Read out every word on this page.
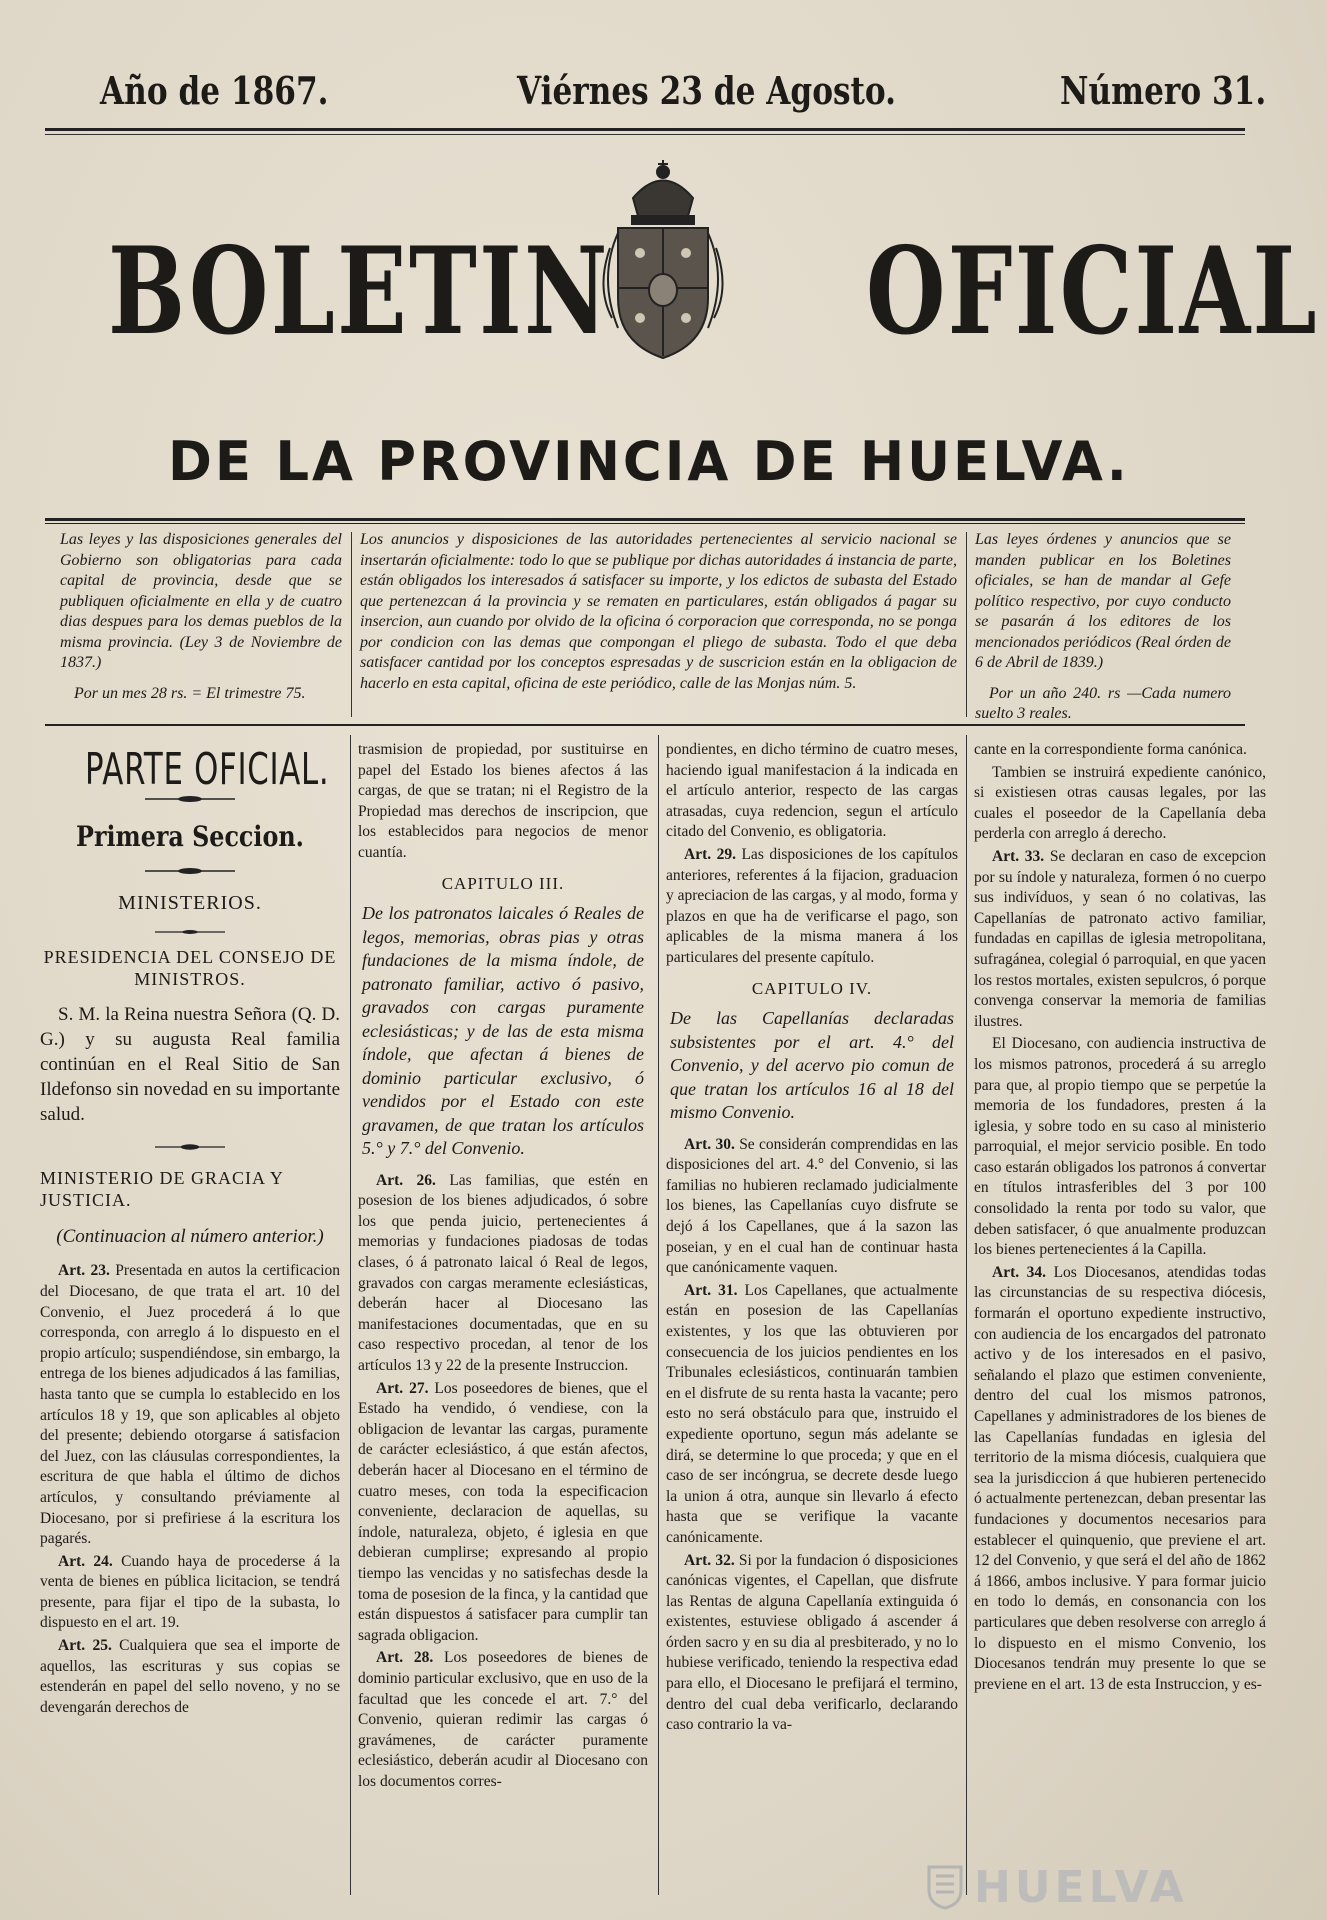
Año de 1867.	Viérnes 23 de Agosto.	Número 31.
BOLETIN OFICIAL
DE LA PROVINCIA DE HUELVA.
Las leyes y las disposiciones generales del Gobierno son obligatorias para cada capital de provincia, desde que se publiquen oficialmente en ella y de cuatro dias despues para los demas pueblos de la misma provincia. (Ley 3 de Noviembre de 1837.)
Por un mes 28 rs. = El trimestre 75.
Los anuncios y disposiciones de las autoridades pertenecientes al servicio nacional se insertarán oficialmente: todo lo que se publique por dichas autoridades á instancia de parte, están obligados los interesados á satisfacer su importe, y los edictos de subasta del Estado que pertenezcan á la provincia y se rematen en particulares, están obligados á pagar su insercion, aun cuando por olvido de la oficina ó corporacion que corresponda, no se ponga por condicion con las demas que compongan el pliego de subasta. Todo el que deba satisfacer cantidad por los conceptos espresadas y de suscricion están en la obligacion de hacerlo en esta capital, oficina de este periódico, calle de las Monjas núm. 5.
Las leyes órdenes y anuncios que se manden publicar en los Boletines oficiales, se han de mandar al Gefe político respectivo, por cuyo conducto se pasarán á los editores de los mencionados periódicos (Real órden de 6 de Abril de 1839.)
Por un año 240. rs —Cada numero suelto 3 reales.
PARTE OFICIAL.
Primera Seccion.
MINISTERIOS.
PRESIDENCIA DEL CONSEJO DE MINISTROS.

S. M. la Reina nuestra Señora (Q. D. G.) y su augusta Real familia continúan en el Real Sitio de San Ildefonso sin novedad en su importante salud.

MINISTERIO DE GRACIA Y JUSTICIA.
(Continuacion al número anterior.)

Art. 23. Presentada en autos la certificacion del Diocesano, de que trata el art. 10 del Convenio, el Juez procederá á lo que corresponda, con arreglo á lo dispuesto en el propio artículo; suspendiéndose, sin embargo, la entrega de los bienes adjudicados á las familias, hasta tanto que se cumpla lo establecido en los artículos 18 y 19, que son aplicables al objeto del presente; debiendo otorgarse á satisfacion del Juez, con las cláusulas correspondientes, la escritura de que habla el último de dichos artículos, y consultando préviamente al Diocesano, por si prefiriese á la escritura los pagarés.

Art. 24. Cuando haya de procederse á la venta de bienes en pública licitacion, se tendrá presente, para fijar el tipo de la subasta, lo dispuesto en el art. 19.

Art. 25. Cualquiera que sea el importe de aquellos, las escrituras y sus copias se estenderán en papel del sello noveno, y no se devengarán derechos de

trasmision de propiedad, por sustituirse en papel del Estado los bienes afectos á las cargas, de que se tratan; ni el Registro de la Propiedad mas derechos de inscripcion, que los establecidos para negocios de menor cuantía.

CAPITULO III.
De los patronatos laicales ó Reales de legos, memorias, obras pias y otras fundaciones de la misma índole, de patronato familiar, activo ó pasivo, gravados con cargas puramente eclesiásticas; y de las de esta misma índole, que afectan á bienes de dominio particular exclusivo, ó vendidos por el Estado con este gravamen, de que tratan los artículos 5.° y 7.° del Convenio.

Art. 26. Las familias, que estén en posesion de los bienes adjudicados, ó sobre los que penda juicio, pertenecientes á memorias y fundaciones piadosas de todas clases, ó á patronato laical ó Real de legos, gravados con cargas meramente eclesiásticas, deberán hacer al Diocesano las manifestaciones documentadas, que en su caso respectivo procedan, al tenor de los artículos 13 y 22 de la presente Instruccion.

Art. 27. Los poseedores de bienes, que el Estado ha vendido, ó vendiese, con la obligacion de levantar las cargas, puramente de carácter eclesiástico, á que están afectos, deberán hacer al Diocesano en el término de cuatro meses, con toda la especificacion conveniente, declaracion de aquellas, su índole, naturaleza, objeto, é iglesia en que debieran cumplirse; expresando al propio tiempo las vencidas y no satisfechas desde la toma de posesion de la finca, y la cantidad que están dispuestos á satisfacer para cumplir tan sagrada obligacion.

Art. 28. Los poseedores de bienes de dominio particular exclusivo, que en uso de la facultad que les concede el art. 7.° del Convenio, quieran redimir las cargas ó gravámenes, de carácter puramente eclesiástico, deberán acudir al Diocesano con los documentos corres-

pondientes, en dicho término de cuatro meses, haciendo igual manifestacion á la indicada en el artículo anterior, respecto de las cargas atrasadas, cuya redencion, segun el artículo citado del Convenio, es obligatoria.

Art. 29. Las disposiciones de los capítulos anteriores, referentes á la fijacion, graduacion y apreciacion de las cargas, y al modo, forma y plazos en que ha de verificarse el pago, son aplicables de la misma manera á los particulares del presente capítulo.

CAPITULO IV.
De las Capellanías declaradas subsistentes por el art. 4.° del Convenio, y del acervo pio comun de que tratan los artículos 16 al 18 del mismo Convenio.

Art. 30. Se considerán comprendidas en las disposiciones del art. 4.° del Convenio, si las familias no hubieren reclamado judicialmente los bienes, las Capellanías cuyo disfrute se dejó á los Capellanes, que á la sazon las poseian, y en el cual han de continuar hasta que canónicamente vaquen.

Art. 31. Los Capellanes, que actualmente están en posesion de las Capellanías existentes, y los que las obtuvieren por consecuencia de los juicios pendientes en los Tribunales eclesiásticos, continuarán tambien en el disfrute de su renta hasta la vacante; pero esto no será obstáculo para que, instruido el expediente oportuno, segun más adelante se dirá, se determine lo que proceda; y que en el caso de ser incóngrua, se decrete desde luego la union á otra, aunque sin llevarlo á efecto hasta que se verifique la vacante canónicamente.

Art. 32. Si por la fundacion ó disposiciones canónicas vigentes, el Capellan, que disfrute las Rentas de alguna Capellanía extinguida ó existentes, estuviese obligado á ascender á órden sacro y en su dia al presbiterado, y no lo hubiese verificado, teniendo la respectiva edad para ello, el Diocesano le prefijará el termino, dentro del cual deba verificarlo, declarando caso contrario la va-

cante en la correspondiente forma canónica.

Tambien se instruirá expediente canónico, si existiesen otras causas legales, por las cuales el poseedor de la Capellanía deba perderla con arreglo á derecho.

Art. 33. Se declaran en caso de excepcion por su índole y naturaleza, formen ó no cuerpo sus indivíduos, y sean ó no colativas, las Capellanías de patronato activo familiar, fundadas en capillas de iglesia metropolitana, sufragánea, colegial ó parroquial, en que yacen los restos mortales, existen sepulcros, ó porque convenga conservar la memoria de familias ilustres.

El Diocesano, con audiencia instructiva de los mismos patronos, procederá á su arreglo para que, al propio tiempo que se perpetúe la memoria de los fundadores, presten á la iglesia, y sobre todo en su caso al ministerio parroquial, el mejor servicio posible. En todo caso estarán obligados los patronos á convertar en títulos intrasferibles del 3 por 100 consolidado la renta por todo su valor, que deben satisfacer, ó que anualmente produzcan los bienes pertenecientes á la Capilla.

Art. 34. Los Diocesanos, atendidas todas las circunstancias de su respectiva diócesis, formarán el oportuno expediente instructivo, con audiencia de los encargados del patronato activo y de los interesados en el pasivo, señalando el plazo que estimen conveniente, dentro del cual los mismos patronos, Capellanes y administradores de los bienes de las Capellanías fundadas en iglesia del territorio de la misma diócesis, cualquiera que sea la jurisdiccion á que hubieren pertenecido ó actualmente pertenezcan, deban presentar las fundaciones y documentos necesarios para establecer el quinquenio, que previene el art. 12 del Convenio, y que será el del año de 1862 á 1866, ambos inclusive. Y para formar juicio en todo lo demás, en consonancia con los particulares que deben resolverse con arreglo á lo dispuesto en el mismo Convenio, los Diocesanos tendrán muy presente lo que se previene en el art. 13 de esta Instruccion, y es-

HUELVA
